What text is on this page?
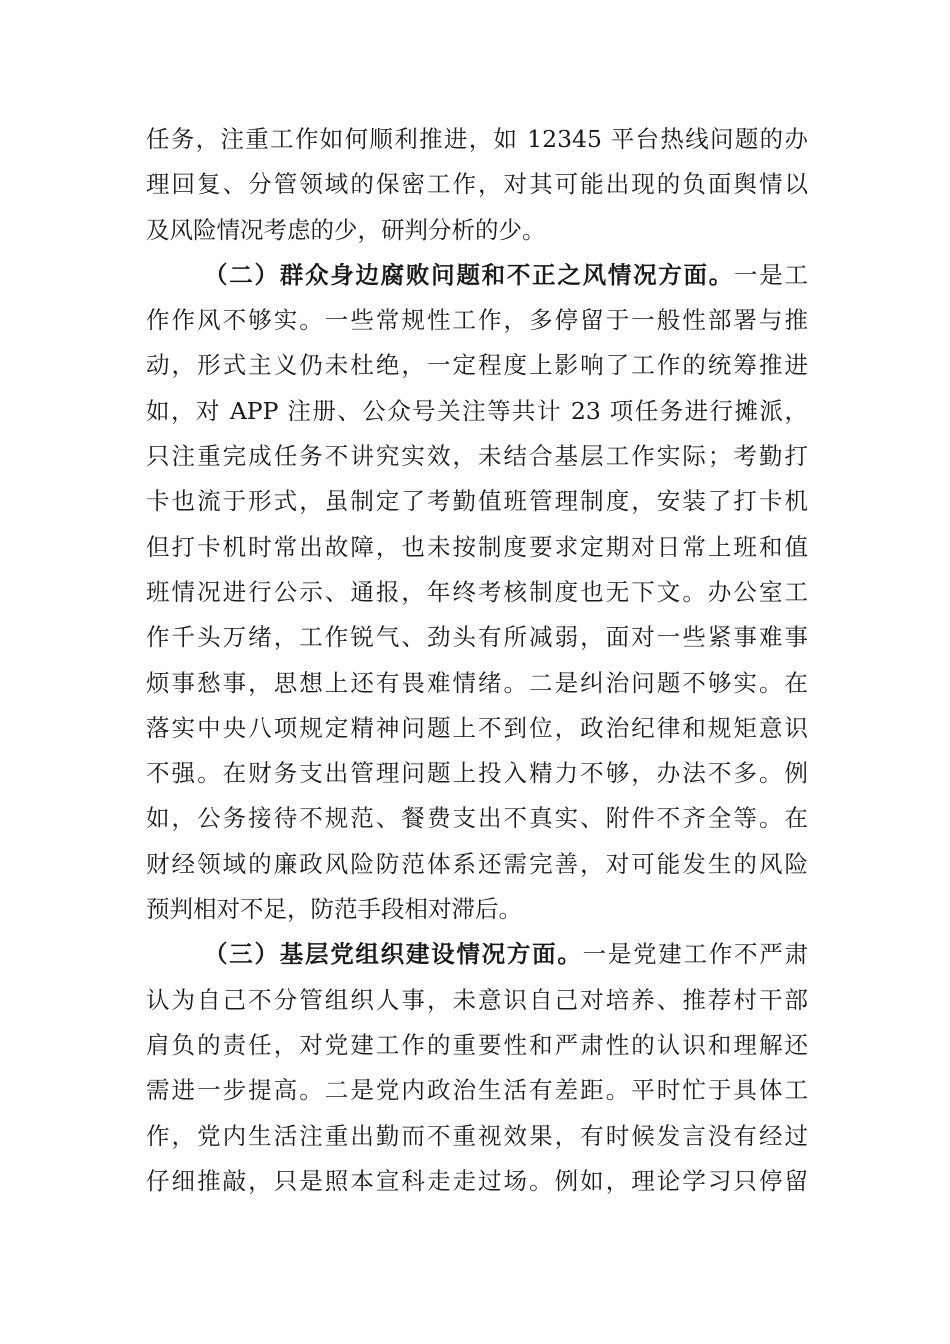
任务，注重工作如何顺利推进，如 12345 平台热线问题的办
理回复、分管领域的保密工作，对其可能出现的负面舆情以
及风险情况考虑的少，研判分析的少。
（二）群众身边腐败问题和不正之风情况方面。一是工
作作风不够实。一些常规性工作，多停留于一般性部署与推
动，形式主义仍未杜绝，一定程度上影响了工作的统筹推进
如，对 APP 注册、公众号关注等共计 23 项任务进行摊派，
只注重完成任务不讲究实效，未结合基层工作实际；考勤打
卡也流于形式，虽制定了考勤值班管理制度，安装了打卡机
但打卡机时常出故障，也未按制度要求定期对日常上班和值
班情况进行公示、通报，年终考核制度也无下文。办公室工
作千头万绪，工作锐气、劲头有所减弱，面对一些紧事难事
烦事愁事，思想上还有畏难情绪。二是纠治问题不够实。在
落实中央八项规定精神问题上不到位，政治纪律和规矩意识
不强。在财务支出管理问题上投入精力不够，办法不多。例
如，公务接待不规范、餐费支出不真实、附件不齐全等。在
财经领域的廉政风险防范体系还需完善，对可能发生的风险
预判相对不足，防范手段相对滞后。
（三）基层党组织建设情况方面。一是党建工作不严肃
认为自己不分管组织人事，未意识自己对培养、推荐村干部
肩负的责任，对党建工作的重要性和严肃性的认识和理解还
需进一步提高。二是党内政治生活有差距。平时忙于具体工
作，党内生活注重出勤而不重视效果，有时候发言没有经过
仔细推敲，只是照本宣科走走过场。例如，理论学习只停留
